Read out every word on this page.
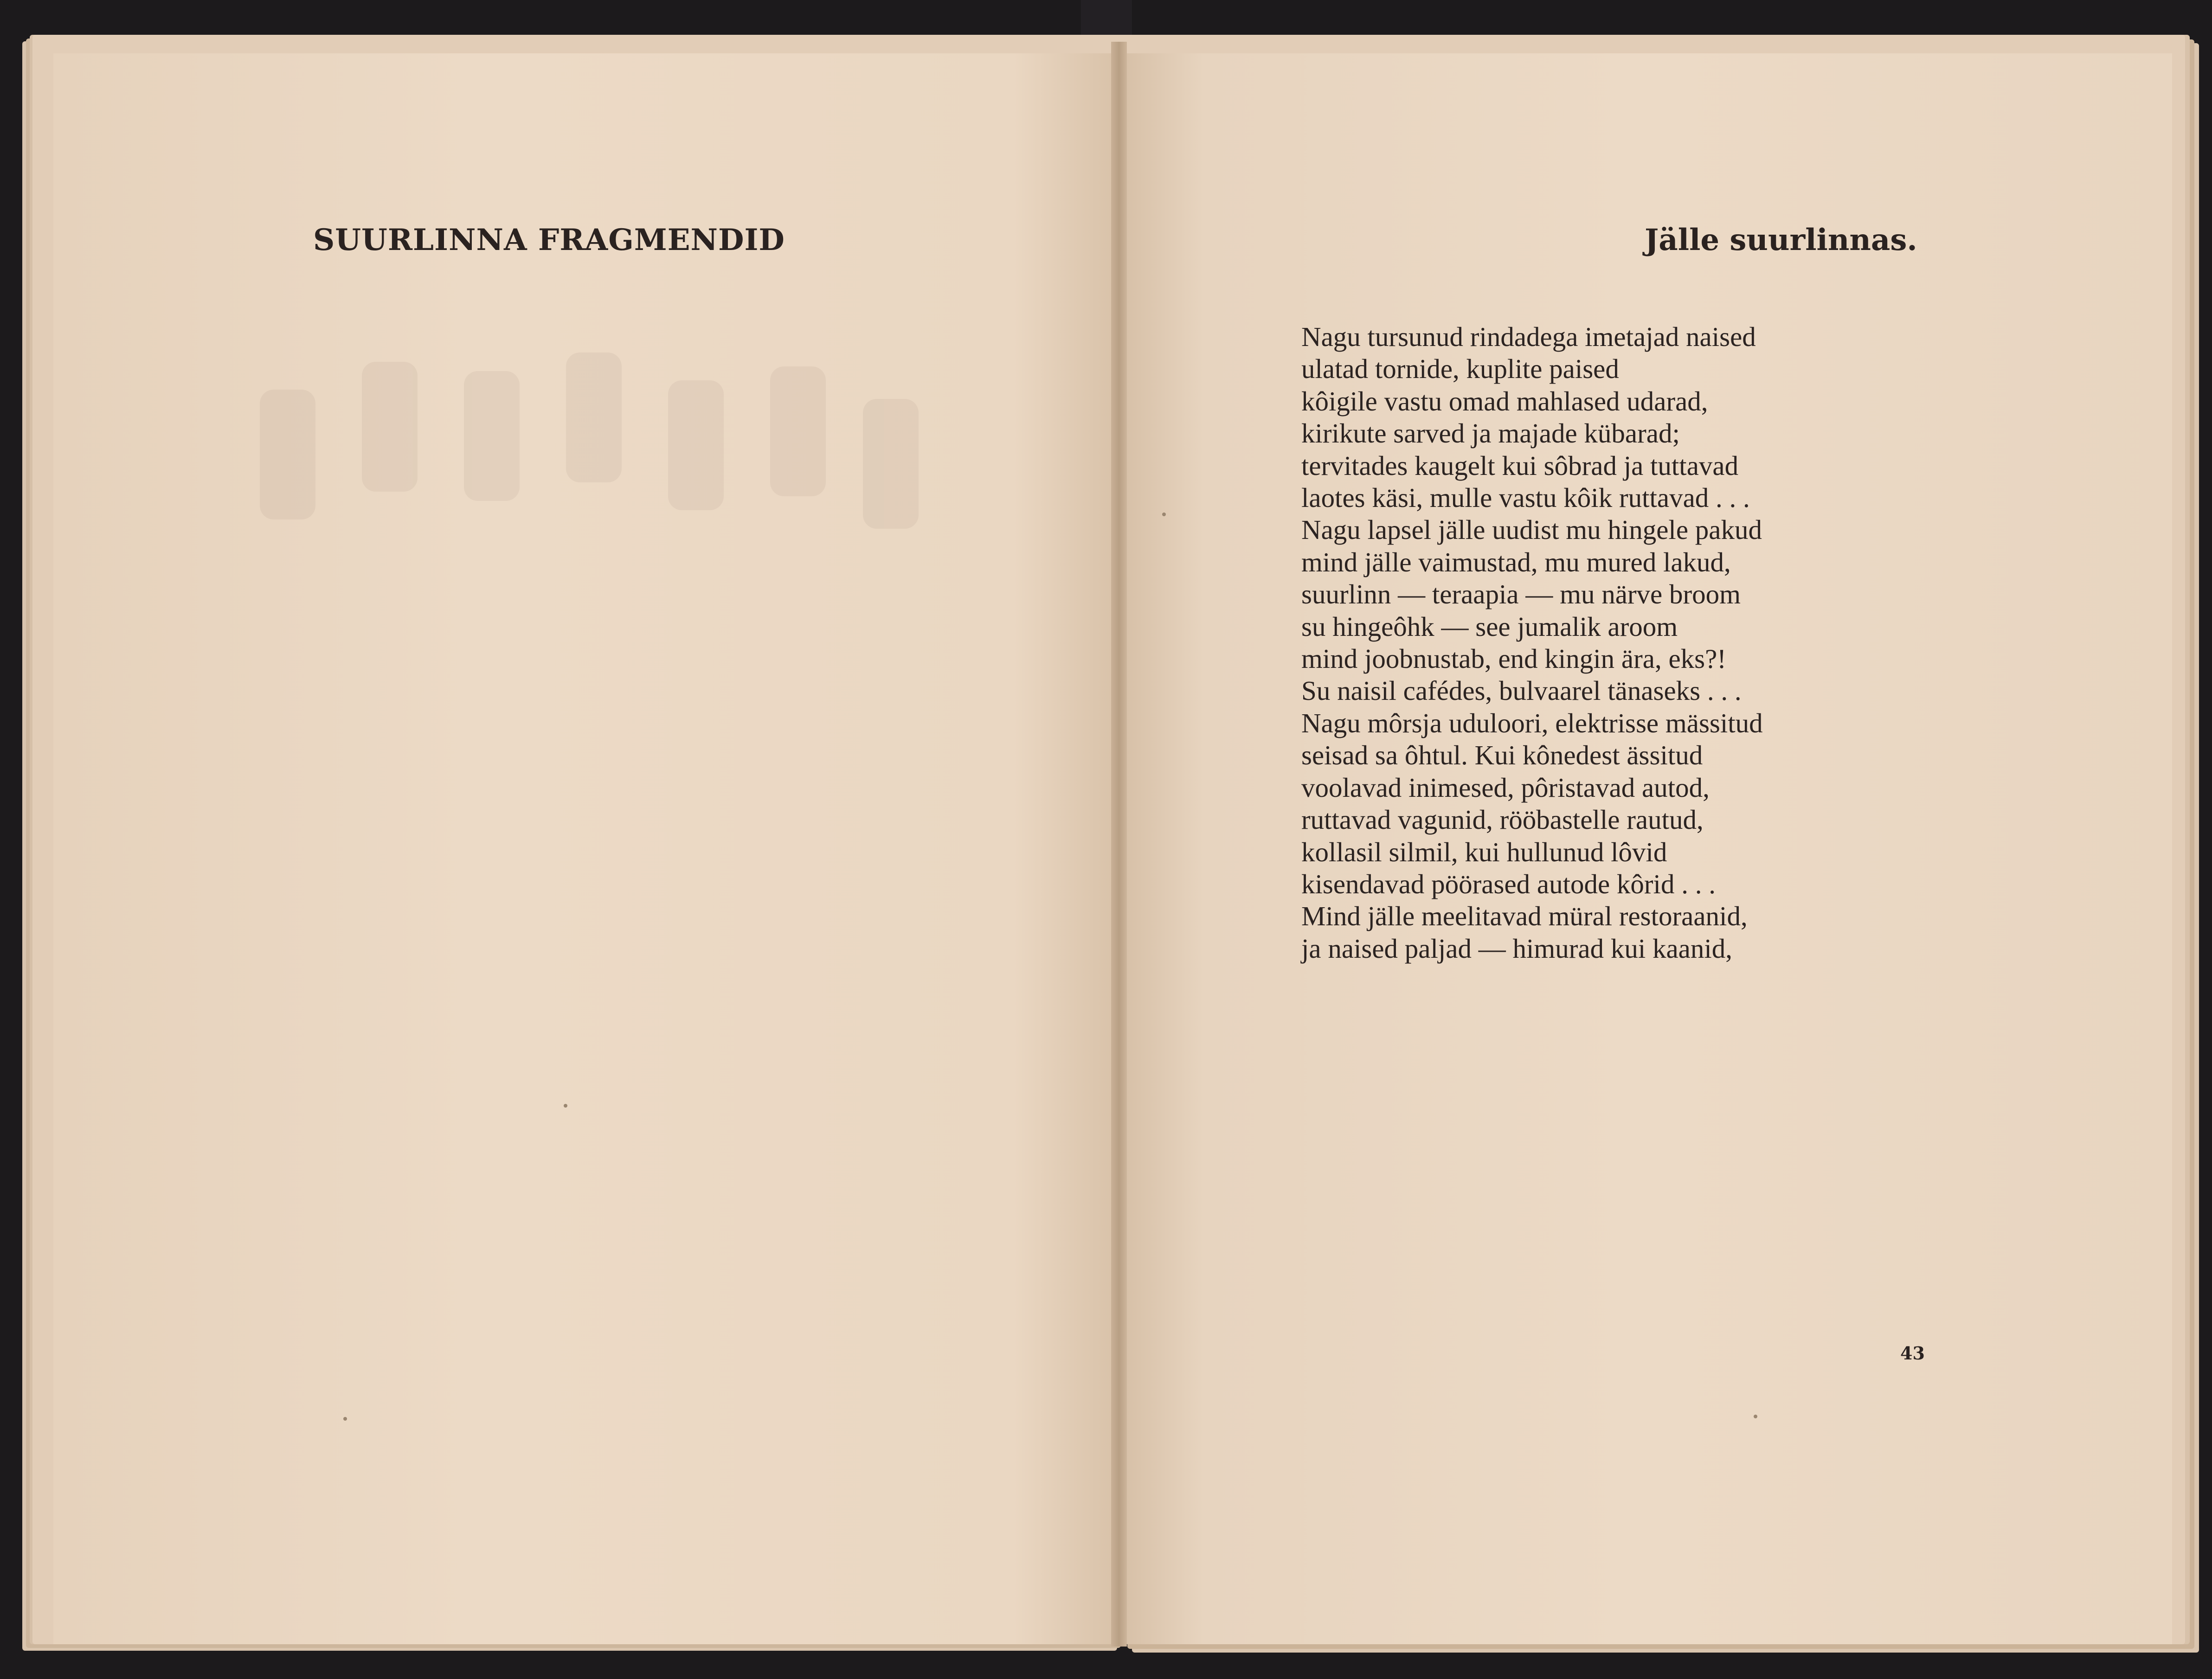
SUURLINNA FRAGMENDID	Jälle suurlinnas.
Nagu tursunud rindadega imetajad naised
ulatad tornide, kuplite paised
kôigile vastu omad mahlased udarad,
kirikute sarved ja majade kübarad;
tervitades kaugelt kui sôbrad ja tuttavad
laotes käsi, mulle vastu kôik ruttavad . . .
Nagu lapsel jälle uudist mu hingele pakud
mind jälle vaimustad, mu mured lakud,
suurlinn — teraapia — mu närve broom
su hingeôhk — see jumalik aroom
mind joobnustab, end kingin ära, eks?!
Su naisil cafédes, bulvaarel tänaseks . . .
Nagu môrsja uduloori, elektrisse mässitud
seisad sa ôhtul. Kui kônedest ässitud
voolavad inimesed, pôristavad autod,
ruttavad vagunid, rööbastelle rautud,
kollasil silmil, kui hullunud lôvid
kisendavad pöörased autode kôrid . . .
Mind jälle meelitavad müral restoraanid,
ja naised paljad — himurad kui kaanid,
43
